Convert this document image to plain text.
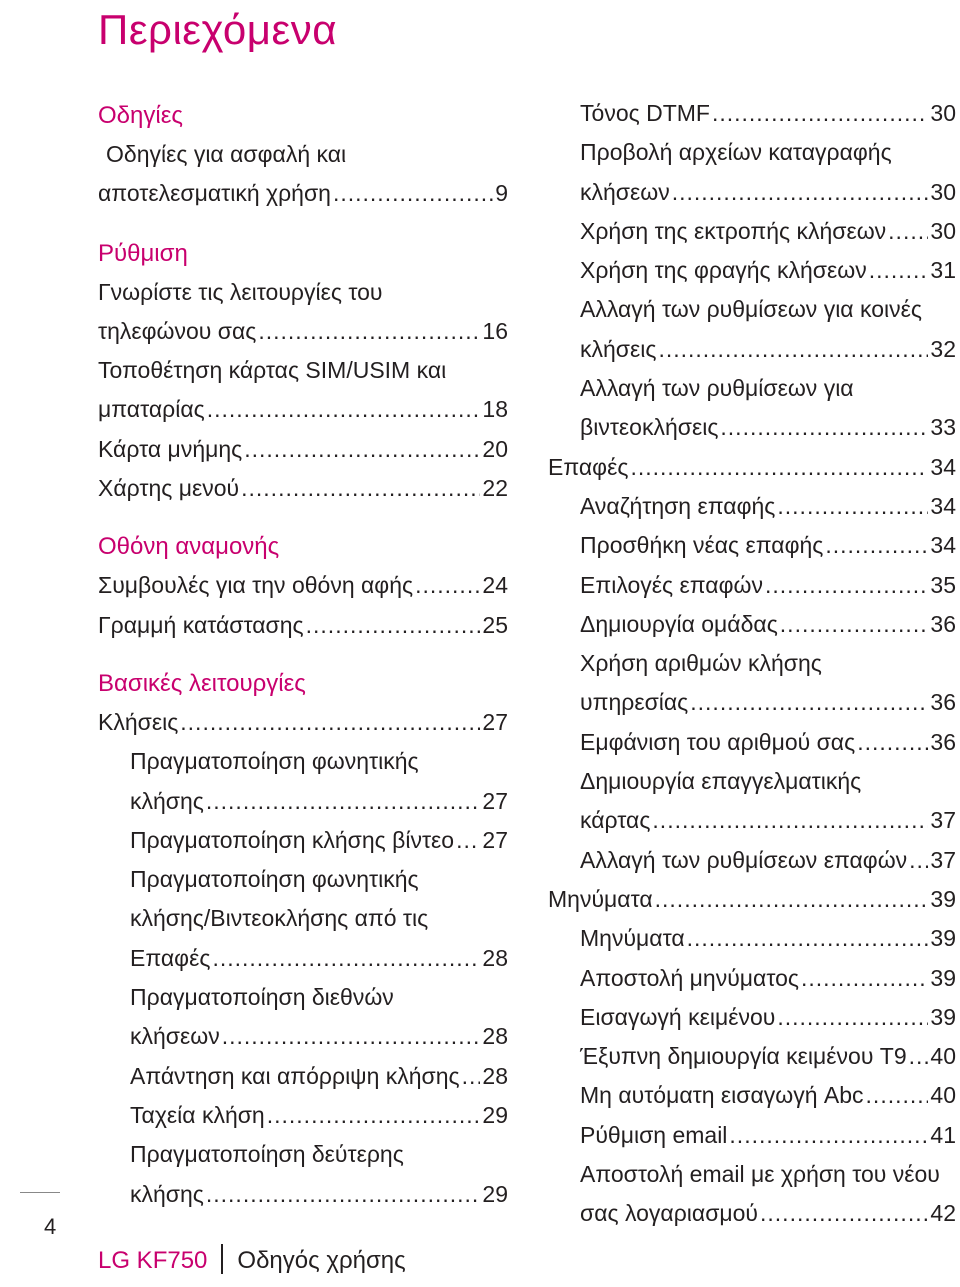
Περιεχόμενα
4
Οδηγίες
Οδηγίες για ασφαλή και
αποτελεσματική χρήση .....	9
Ρύθμιση
Γνωρίστε τις λειτουργίες του
τηλεφώνου σας .....	16
Τοποθέτηση κάρτας SIM/USIM και
μπαταρίας .....	18
Κάρτα μνήμης .....	20
Χάρτης μενού .....	22
Οθόνη αναμονής
Συμβουλές για την οθόνη αφής .....	24
Γραμμή κατάστασης .....	25
Βασικές λειτουργίες
Κλήσεις .....	27
Πραγματοποίηση φωνητικής
κλήσης .....	27
Πραγματοποίηση κλήσης βίντεο ..... 27
Πραγματοποίηση φωνητικής
κλήσης/Βιντεοκλήσης από τις
Επαφές .....	28
Πραγματοποίηση διεθνών
κλήσεων .....	28
Απάντηση και απόρριψη κλήσης ..... 28
Ταχεία κλήση .....	29
Πραγματοποίηση δεύτερης
κλήσης .....	29
Τόνος DTMF .....	30
Προβολή αρχείων καταγραφής
κλήσεων .....	30
Χρήση της εκτροπής κλήσεων ..... 30
Χρήση της φραγής κλήσεων .....	31
Αλλαγή των ρυθμίσεων για κοινές
κλήσεις .....	32
Αλλαγή των ρυθμίσεων για
βιντεοκλήσεις .....	33
Επαφές .....	34
Αναζήτηση επαφής .....	34
Προσθήκη νέας επαφής .....	34
Επιλογές επαφών .....	35
Δημιουργία ομάδας .....	36
Χρήση αριθμών κλήσης
υπηρεσίας .....	36
Εμφάνιση του αριθμού σας .....	36
Δημιουργία επαγγελματικής
κάρτας .....	37
Αλλαγή των ρυθμίσεων επαφών ..... 37
Μηνύματα .....	39
Μηνύματα .....	39
Αποστολή μηνύματος .....	39
Εισαγωγή κειμένου .....	39
Έξυπνη δημιουργία κειμένου T9 ..... 40
Μη αυτόματη εισαγωγή Abc .....	40
Ρύθμιση email .....	41
Αποστολή email με χρήση του νέου
σας λογαριασμού .....	42
LG KF750 Οδηγός χρήσης
